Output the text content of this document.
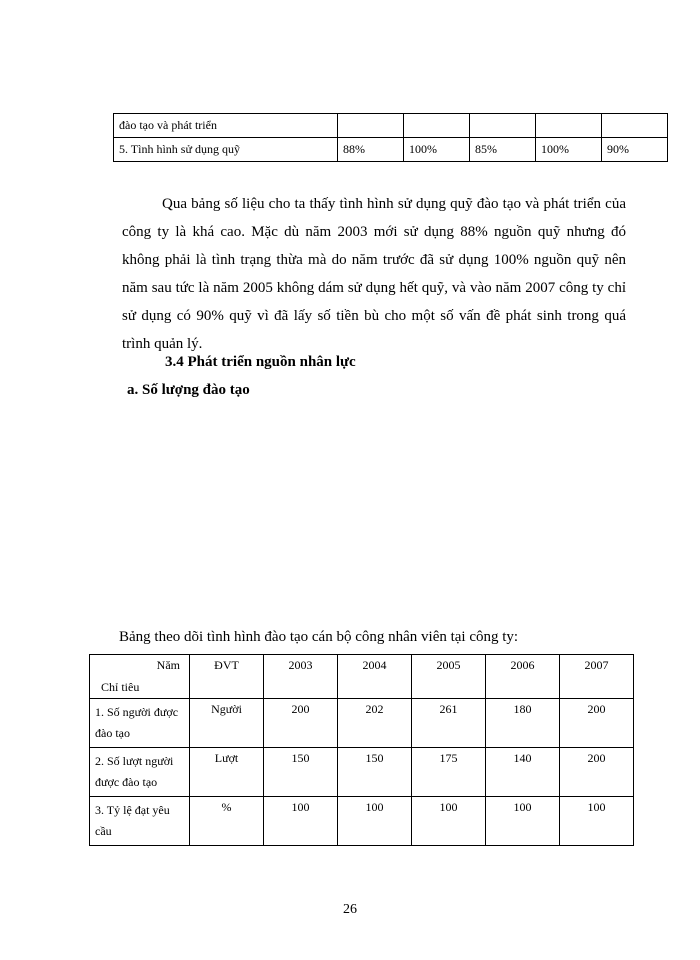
đào tạo và phát triển					
5. Tình hình sử dụng quỹ	88%	100%	85%	100%	90%

Qua bảng số liệu cho ta thấy tình hình sử dụng quỹ đào tạo và phát triển của công ty là khá cao. Mặc dù năm 2003 mới sử dụng 88% nguồn quỹ nhưng đó không phải là tình trạng thừa mà do năm trước đã sử dụng 100% nguồn quỹ nên năm sau tức là năm 2005 không dám sử dụng hết quỹ, và vào năm 2007 công ty chỉ sử dụng có 90% quỹ vì đã lấy số tiền bù cho một số vấn đề phát sinh trong quá trình quản lý.

3.4 Phát triển nguồn nhân lực
a. Số lượng đào tạo
Bảng theo dõi tình hình đào tạo cán bộ công nhân viên tại công ty:
Năm
Chỉ tiêu	ĐVT	2003	2004	2005	2006	2007
1. Số người được đào tạo	Người	200	202	261	180	200
2. Số lượt người được đào tạo	Lượt	150	150	175	140	200
3. Tỷ lệ đạt yêu cầu	%	100	100	100	100	100
26
